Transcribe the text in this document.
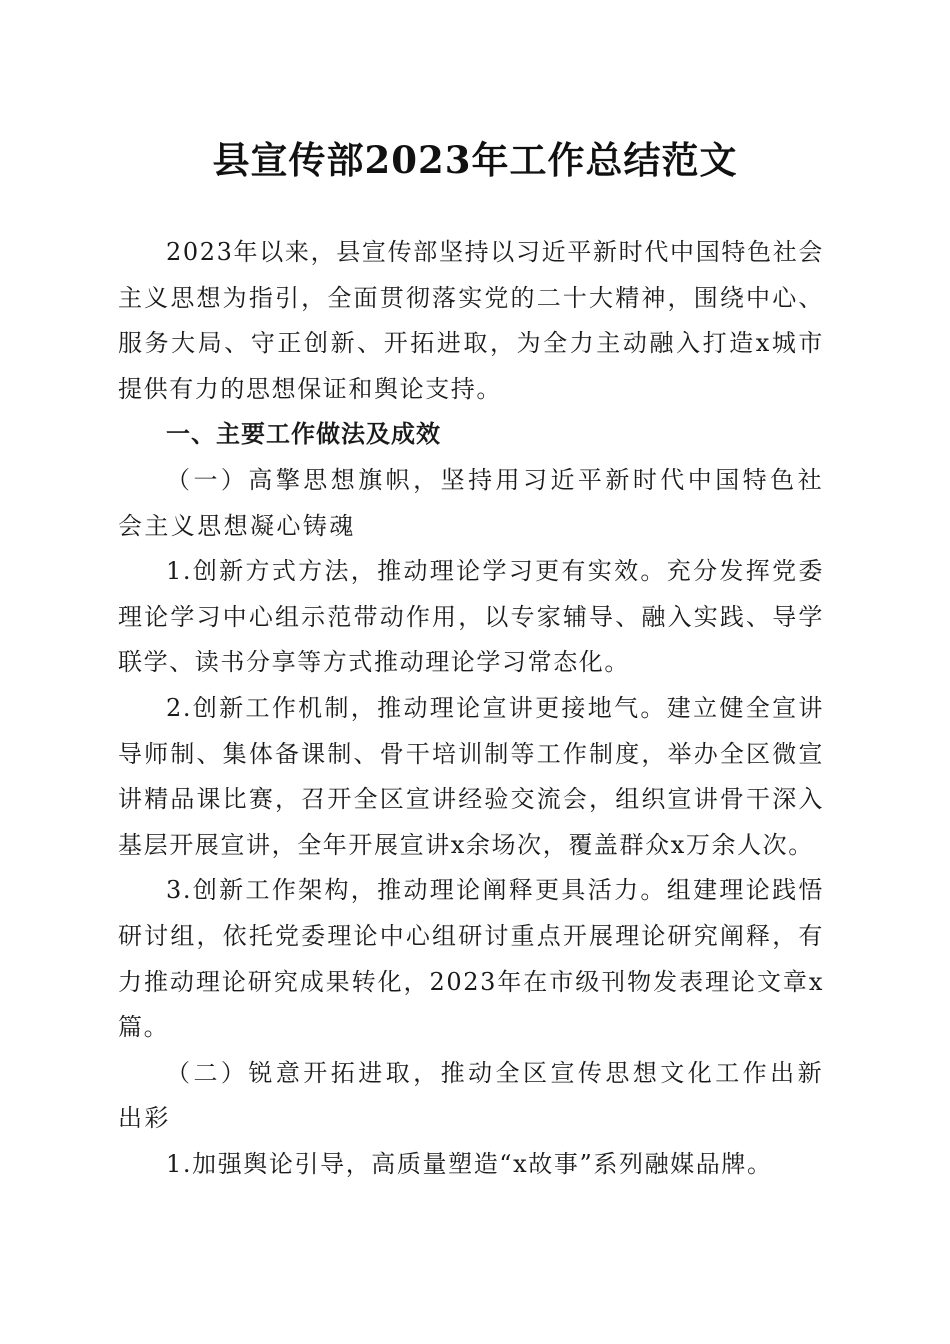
县宣传部2023年工作总结范文

2023年以来，县宣传部坚持以习近平新时代中国特色社会主义思想为指引，全面贯彻落实党的二十大精神，围绕中心、服务大局、守正创新、开拓进取，为全力主动融入打造x城市提供有力的思想保证和舆论支持。

一、主要工作做法及成效

（一）高擎思想旗帜，坚持用习近平新时代中国特色社会主义思想凝心铸魂

1.创新方式方法，推动理论学习更有实效。充分发挥党委理论学习中心组示范带动作用，以专家辅导、融入实践、导学联学、读书分享等方式推动理论学习常态化。

2.创新工作机制，推动理论宣讲更接地气。建立健全宣讲导师制、集体备课制、骨干培训制等工作制度，举办全区微宣讲精品课比赛，召开全区宣讲经验交流会，组织宣讲骨干深入基层开展宣讲，全年开展宣讲x余场次，覆盖群众x万余人次。

3.创新工作架构，推动理论阐释更具活力。组建理论践悟研讨组，依托党委理论中心组研讨重点开展理论研究阐释，有力推动理论研究成果转化，2023年在市级刊物发表理论文章x篇。

（二）锐意开拓进取，推动全区宣传思想文化工作出新出彩

1.加强舆论引导，高质量塑造“x故事”系列融媒品牌。
